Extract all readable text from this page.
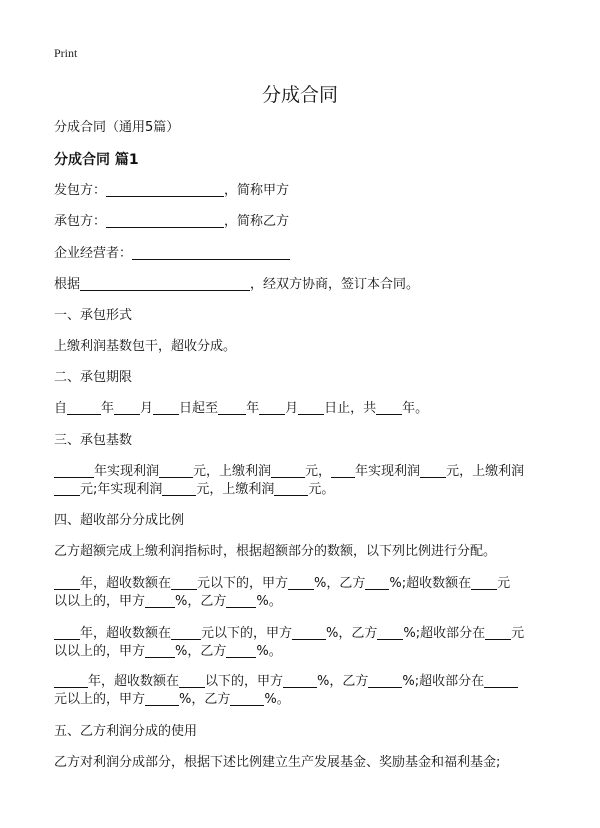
Print
分成合同
分成合同（通用5篇）
分成合同 篇1
发包方：	，简称甲方
承包方：	，简称乙方
企业经营者：
根据	，经双方协商，签订本合同。
一、承包形式
上缴利润基数包干，超收分成。
二、承包期限
自	年 月 日起至 年 月 日止，共 年。
三、承包基数
年实现利润	元，上缴利润	元， 年实现利润 元，上缴利润
元;年实现利润	元，上缴利润	元。
四、超收部分分成比例
乙方超额完成上缴利润指标时，根据超额部分的数额，以下列比例进行分配。
年，超收数额在 元以下的，甲方 %，乙方 %;超收数额在 元
以以上的，甲方 %，乙方 %。
年，超收数额在 元以下的，甲方	%，乙方 %;超收部分在 元
以以上的，甲方 %，乙方 %。
年，超收数额在 以下的，甲方	%，乙方	%;超收部分在
元以上的，甲方	%，乙方	%。
五、乙方利润分成的使用
乙方对利润分成部分，根据下述比例建立生产发展基金、奖励基金和福利基金;
